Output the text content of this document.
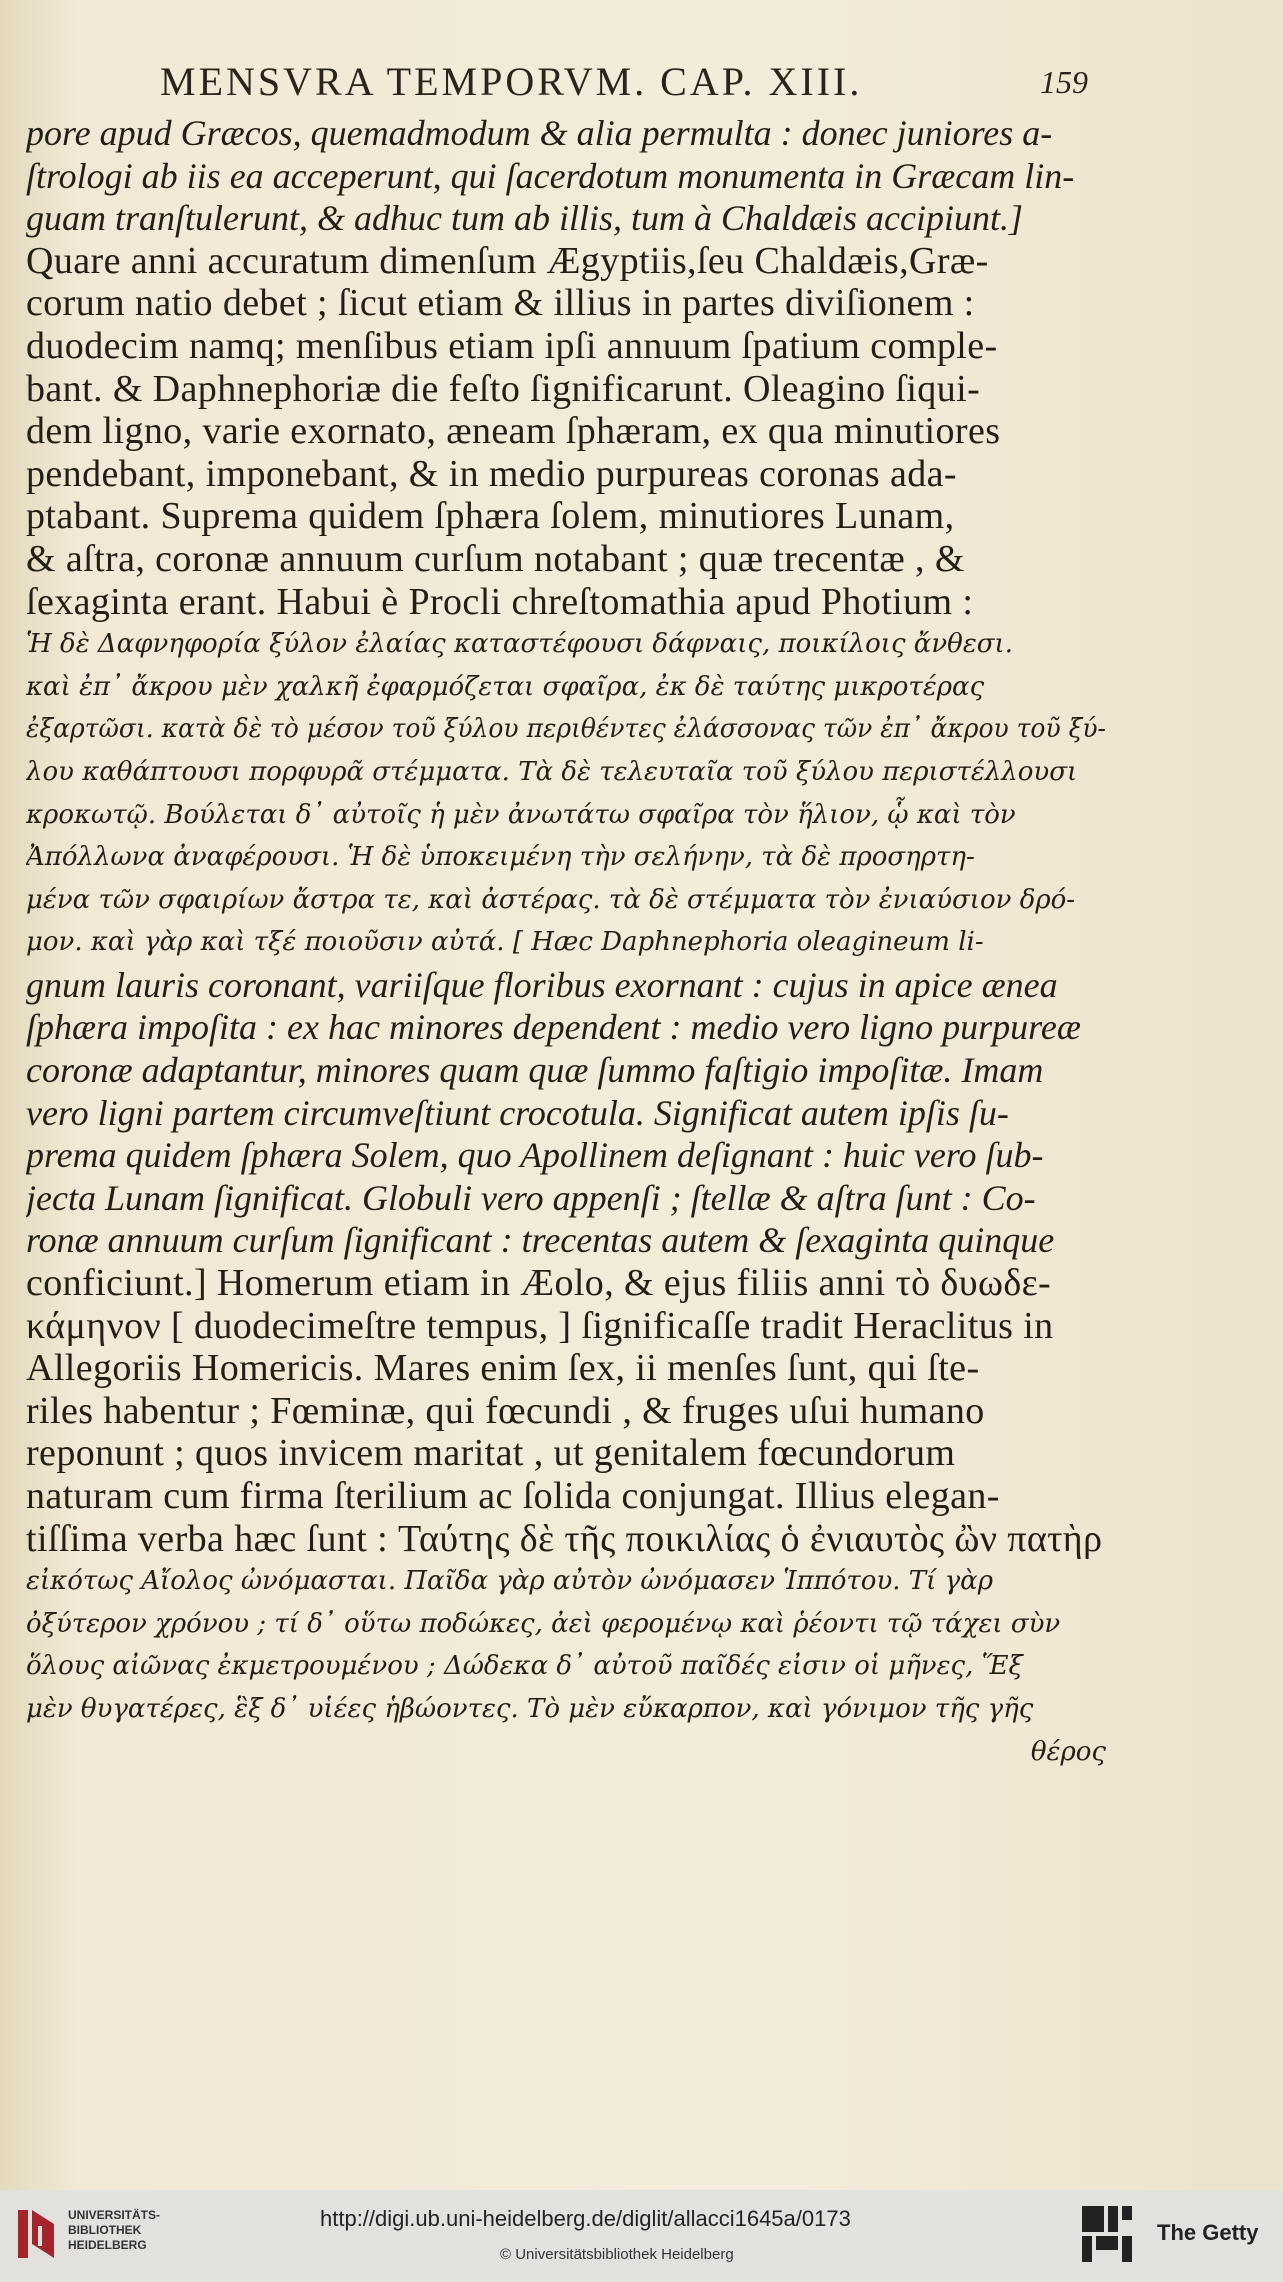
MENSVRA TEMPORVM. CAP. XIII.	159
pore apud Græcos, quemadmodum & alia permulta : donec juniores a-
ſtrologi ab iis ea acceperunt, qui ſacerdotum monumenta in Græcam lin-
guam tranſtulerunt, & adhuc tum ab illis, tum à Chaldæis accipiunt.]
Quare anni accuratum dimenſum Ægyptiis,ſeu Chaldæis,Græ-
corum natio debet ; ſicut etiam & illius in partes diviſionem :
duodecim namq; menſibus etiam ipſi annuum ſpatium comple-
bant. & Daphnephoriæ die feſto ſignificarunt. Oleagino ſiqui-
dem ligno, varie exornato, æneam ſphæram, ex qua minutiores
pendebant, imponebant, & in medio purpureas coronas ada-
ptabant. Suprema quidem ſphæra ſolem, minutiores Lunam,
& aſtra, coronæ annuum curſum notabant ; quæ trecentæ , &
ſexaginta erant. Habui è Procli chreſtomathia apud Photium :
Ἡ δὲ Δαφνηφορία ξύλον ἐλαίας καταστέφουσι δάφναις, ποικίλοις ἄνθεσι.
καὶ ἐπ᾽ ἄκρου μὲν χαλκῆ ἐφαρμόζεται σφαῖρα, ἐκ δὲ ταύτης μικροτέρας
ἐξαρτῶσι. κατὰ δὲ τὸ μέσον τοῦ ξύλου περιθέντες ἐλάσσονας τῶν ἐπ᾽ ἄκρου τοῦ ξύ-
λου καθάπτουσι πορφυρᾶ στέμματα. Τὰ δὲ τελευταῖα τοῦ ξύλου περιστέλλουσι
κροκωτῷ. Βούλεται δ᾽ αὐτοῖς ἡ μὲν ἀνωτάτω σφαῖρα τὸν ἥλιον, ᾧ καὶ τὸν
Ἀπόλλωνα ἀναφέρουσι. Ἡ δὲ ὑποκειμένη τὴν σελήνην, τὰ δὲ προσηρτη-
μένα τῶν σφαιρίων ἄστρα τε, καὶ ἀστέρας. τὰ δὲ στέμματα τὸν ἐνιαύσιον δρό-
μον. καὶ γὰρ καὶ τξέ ποιοῦσιν αὐτά. [ Hæc Daphnephoria oleagineum li-
gnum lauris coronant, variiſque floribus exornant : cujus in apice ænea
ſphæra impoſita : ex hac minores dependent : medio vero ligno purpureæ
coronæ adaptantur, minores quam quæ ſummo faſtigio impoſitæ. Imam
vero ligni partem circumveſtiunt crocotula. Significat autem ipſis ſu-
prema quidem ſphæra Solem, quo Apollinem deſignant : huic vero ſub-
jecta Lunam ſignificat. Globuli vero appenſi ; ſtellæ & aſtra ſunt : Co-
ronæ annuum curſum ſignificant : trecentas autem & ſexaginta quinque
conficiunt.] Homerum etiam in Æolo, & ejus filiis anni τὸ δυωδε-
κάμηνον [ duodecimeſtre tempus, ] ſignificaſſe tradit Heraclitus in
Allegoriis Homericis. Mares enim ſex, ii menſes ſunt, qui ſte-
riles habentur ; Fœminæ, qui fœcundi , & fruges uſui humano
reponunt ; quos invicem maritat , ut genitalem fœcundorum
naturam cum firma ſterilium ac ſolida conjungat. Illius elegan-
tiſſima verba hæc ſunt : Ταύτης δὲ τῆς ποικιλίας ὁ ἐνιαυτὸς ὢν πατὴρ
εἰκότως Αἴολος ὠνόμασται. Παῖδα γὰρ αὐτὸν ὠνόμασεν Ἱππότου. Τί γὰρ
ὀξύτερον χρόνου ; τί δ᾽ οὕτω ποδώκες, ἀεὶ φερομένῳ καὶ ῥέοντι τῷ τάχει σὺν
ὅλους αἰῶνας ἐκμετρουμένου ; Δώδεκα δ᾽ αὐτοῦ παῖδές εἰσιν οἱ μῆνες, Ἕξ
μὲν θυγατέρες, ἓξ δ᾽ υἱέες ἡβώοντες. Τὸ μὲν εὔκαρπον, καὶ γόνιμον τῆς γῆς
θέρος
UNIVERSITÄTS-
BIBLIOTHEK
HEIDELBERG
http://digi.ub.uni-heidelberg.de/diglit/allacci1645a/0173
© Universitätsbibliothek Heidelberg
The Getty
